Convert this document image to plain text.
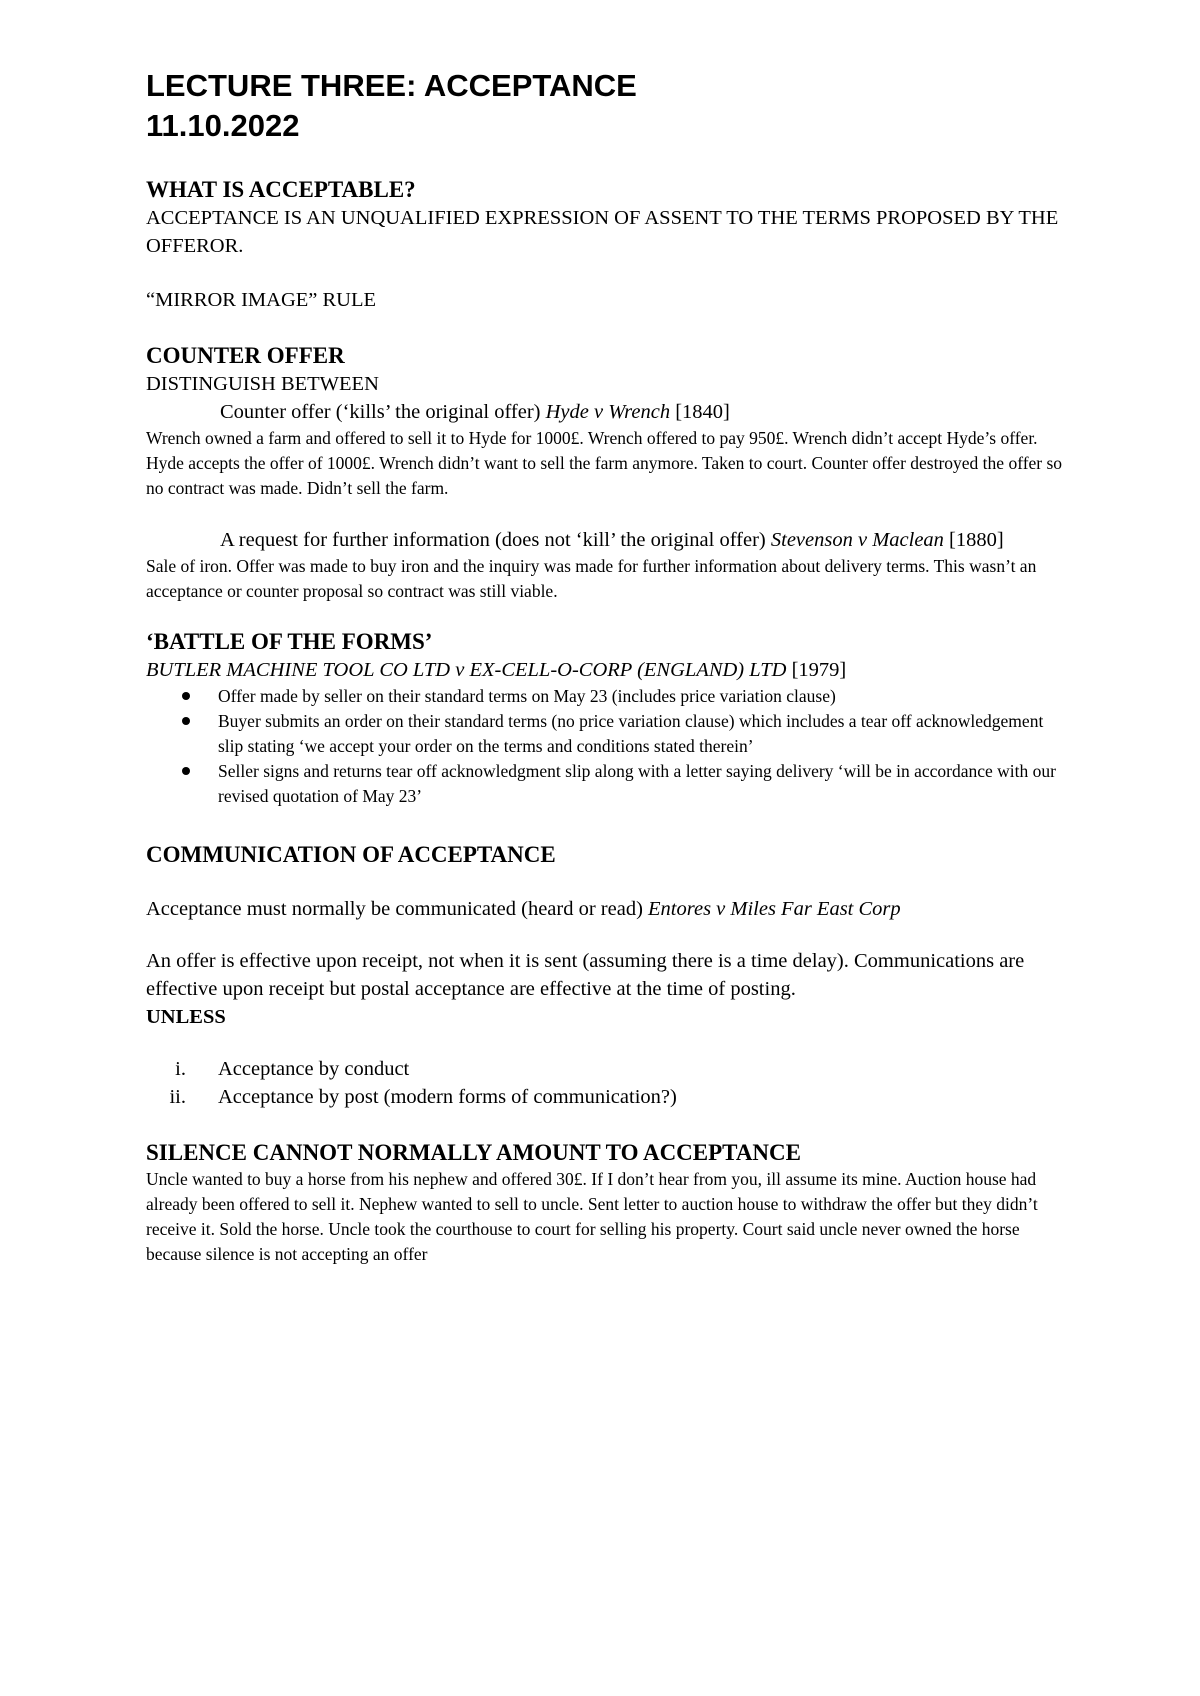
LECTURE THREE: ACCEPTANCE
11.10.2022
WHAT IS ACCEPTABLE?

ACCEPTANCE IS AN UNQUALIFIED EXPRESSION OF ASSENT TO THE TERMS PROPOSED BY THE OFFEROR.

“MIRROR IMAGE” RULE

COUNTER OFFER

DISTINGUISH BETWEEN

Counter offer (‘kills’ the original offer) Hyde v Wrench [1840]

Wrench owned a farm and offered to sell it to Hyde for 1000£. Wrench offered to pay 950£. Wrench didn’t accept Hyde’s offer. Hyde accepts the offer of 1000£. Wrench didn’t want to sell the farm anymore. Taken to court. Counter offer destroyed the offer so no contract was made. Didn’t sell the farm.

A request for further information (does not ‘kill’ the original offer) Stevenson v Maclean [1880]

Sale of iron. Offer was made to buy iron and the inquiry was made for further information about delivery terms. This wasn’t an acceptance or counter proposal so contract was still viable.

‘BATTLE OF THE FORMS’

BUTLER MACHINE TOOL CO LTD v EX-CELL-O-CORP (ENGLAND) LTD [1979]

Offer made by seller on their standard terms on May 23 (includes price variation clause)
Buyer submits an order on their standard terms (no price variation clause) which includes a tear off acknowledgement slip stating ‘we accept your order on the terms and conditions stated therein’
Seller signs and returns tear off acknowledgment slip along with a letter saying delivery ‘will be in accordance with our revised quotation of May 23’
COMMUNICATION OF ACCEPTANCE

Acceptance must normally be communicated (heard or read) Entores v Miles Far East Corp

An offer is effective upon receipt, not when it is sent (assuming there is a time delay). Communications are effective upon receipt but postal acceptance are effective at the time of posting.

UNLESS

i. Acceptance by conduct
ii. Acceptance by post (modern forms of communication?)
SILENCE CANNOT NORMALLY AMOUNT TO ACCEPTANCE

Uncle wanted to buy a horse from his nephew and offered 30£. If I don’t hear from you, ill assume its mine. Auction house had already been offered to sell it. Nephew wanted to sell to uncle. Sent letter to auction house to withdraw the offer but they didn’t receive it. Sold the horse. Uncle took the courthouse to court for selling his property. Court said uncle never owned the horse because silence is not accepting an offer
